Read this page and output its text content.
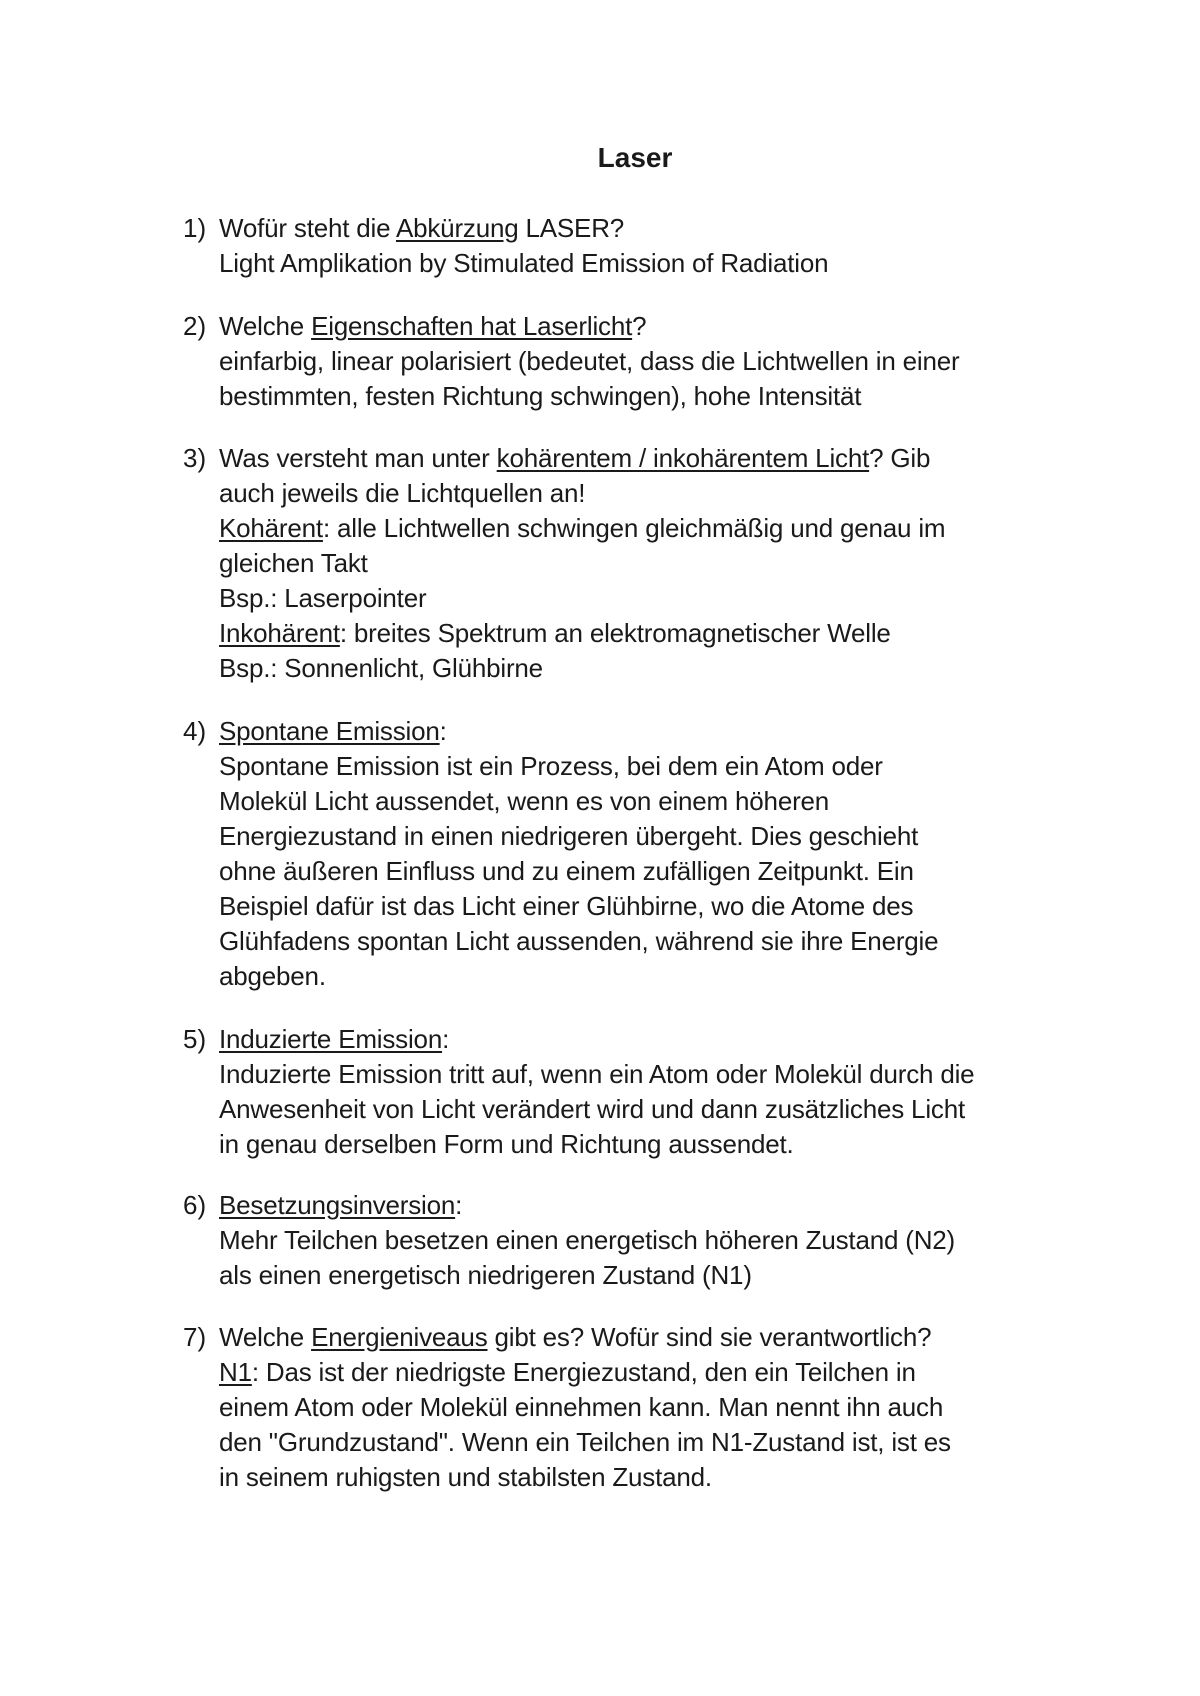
Laser
1) Wofür steht die Abkürzung LASER?
Light Amplikation by Stimulated Emission of Radiation
2) Welche Eigenschaften hat Laserlicht?
einfarbig, linear polarisiert (bedeutet, dass die Lichtwellen in einer
bestimmten, festen Richtung schwingen), hohe Intensität
3) Was versteht man unter kohärentem / inkohärentem Licht? Gib
auch jeweils die Lichtquellen an!
Kohärent: alle Lichtwellen schwingen gleichmäßig und genau im
gleichen Takt
Bsp.: Laserpointer
Inkohärent: breites Spektrum an elektromagnetischer Welle
Bsp.: Sonnenlicht, Glühbirne
4) Spontane Emission:
Spontane Emission ist ein Prozess, bei dem ein Atom oder
Molekül Licht aussendet, wenn es von einem höheren
Energiezustand in einen niedrigeren übergeht. Dies geschieht
ohne äußeren Einfluss und zu einem zufälligen Zeitpunkt. Ein
Beispiel dafür ist das Licht einer Glühbirne, wo die Atome des
Glühfadens spontan Licht aussenden, während sie ihre Energie
abgeben.
5) Induzierte Emission:
Induzierte Emission tritt auf, wenn ein Atom oder Molekül durch die
Anwesenheit von Licht verändert wird und dann zusätzliches Licht
in genau derselben Form und Richtung aussendet.
6) Besetzungsinversion:
Mehr Teilchen besetzen einen energetisch höheren Zustand (N2)
als einen energetisch niedrigeren Zustand (N1)
7) Welche Energieniveaus gibt es? Wofür sind sie verantwortlich?
N1: Das ist der niedrigste Energiezustand, den ein Teilchen in
einem Atom oder Molekül einnehmen kann. Man nennt ihn auch
den "Grundzustand". Wenn ein Teilchen im N1-Zustand ist, ist es
in seinem ruhigsten und stabilsten Zustand.
